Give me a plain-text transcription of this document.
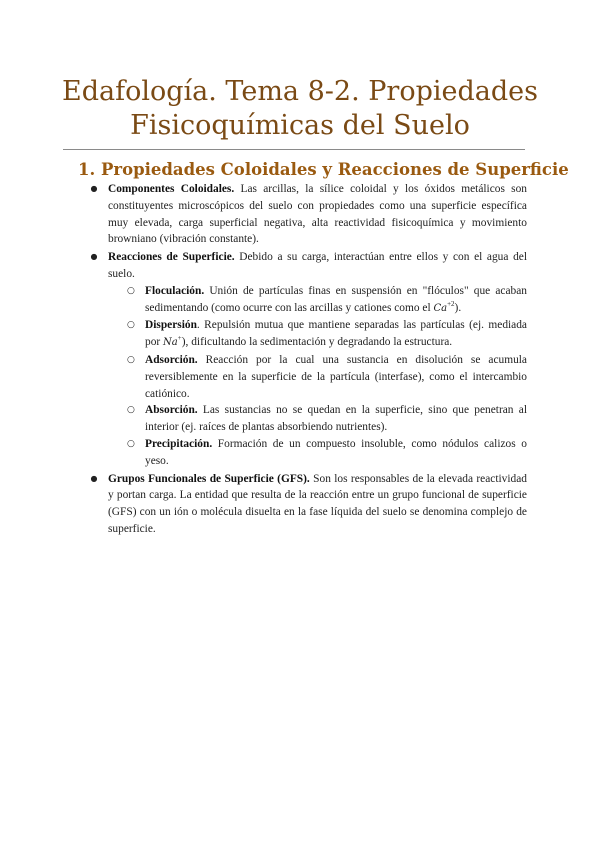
Edafología. Tema 8-2. Propiedades
Fisicoquímicas del Suelo
1. Propiedades Coloidales y Reacciones de Superficie
● Componentes Coloidales. Las arcillas, la sílice coloidal y los óxidos metálicos son constituyentes microscópicos del suelo con propiedades como una superficie específica muy elevada, carga superficial negativa, alta reactividad fisicoquímica y movimiento browniano (vibración constante).
● Reacciones de Superficie. Debido a su carga, interactúan entre ellos y con el agua del suelo.
○ Floculación. Unión de partículas finas en suspensión en "flóculos" que acaban sedimentando (como ocurre con las arcillas y cationes como el $Ca^{+2}$).
○ Dispersión. Repulsión mutua que mantiene separadas las partículas (ej. mediada por Na+), dificultando la sedimentación y degradando la estructura.
○ Adsorción. Reacción por la cual una sustancia en disolución se acumula reversiblemente en la superficie de la partícula (interfase), como el intercambio catiónico.
○ Absorción. Las sustancias no se quedan en la superficie, sino que penetran al interior (ej. raíces de plantas absorbiendo nutrientes).
○ Precipitación. Formación de un compuesto insoluble, como nódulos calizos o yeso.
● Grupos Funcionales de Superficie (GFS). Son los responsables de la elevada reactividad y portan carga. La entidad que resulta de la reacción entre un grupo funcional de superficie (GFS) con un ión o molécula disuelta en la fase líquida del suelo se denomina complejo de superficie.
